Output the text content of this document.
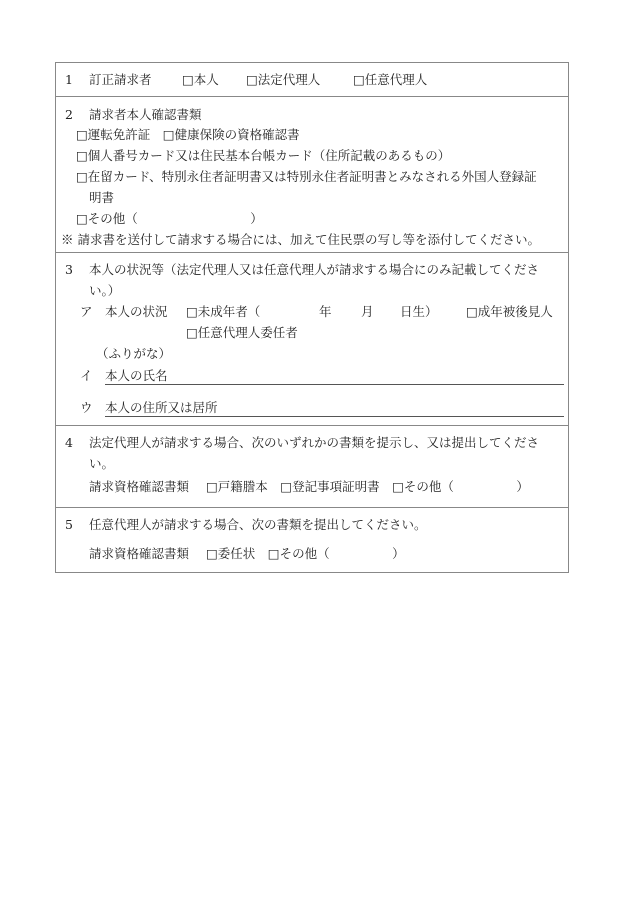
1 訂正請求者 □本人 □法定代理人	□任意代理人
2 請求者本人確認書類
□運転免許証　□健康保険の資格確認書
□個人番号カード又は住民基本台帳カード（住所記載のあるもの）
□在留カード、特別永住者証明書又は特別永住者証明書とみなされる外国人登録証
明書
□その他（　　　　　　　　　）
※ 請求書を送付して請求する場合には、加えて住民票の写し等を添付してください。
3 本人の状況等（法定代理人又は任意代理人が請求する場合にのみ記載してくださ
い。）
ア　本人の状況 □未成年者（	年 月 日生） □成年被後見人
□任意代理人委任者
（ふりがな）
イ 本人の氏名
ウ 本人の住所又は居所
4 法定代理人が請求する場合、次のいずれかの書類を提示し、又は提出してくださ
い。
請求資格確認書類 □戸籍謄本　□登記事項証明書　□その他（　　　　　）
5 任意代理人が請求する場合、次の書類を提出してください。
請求資格確認書類 □委任状　□その他（　　　　　）
